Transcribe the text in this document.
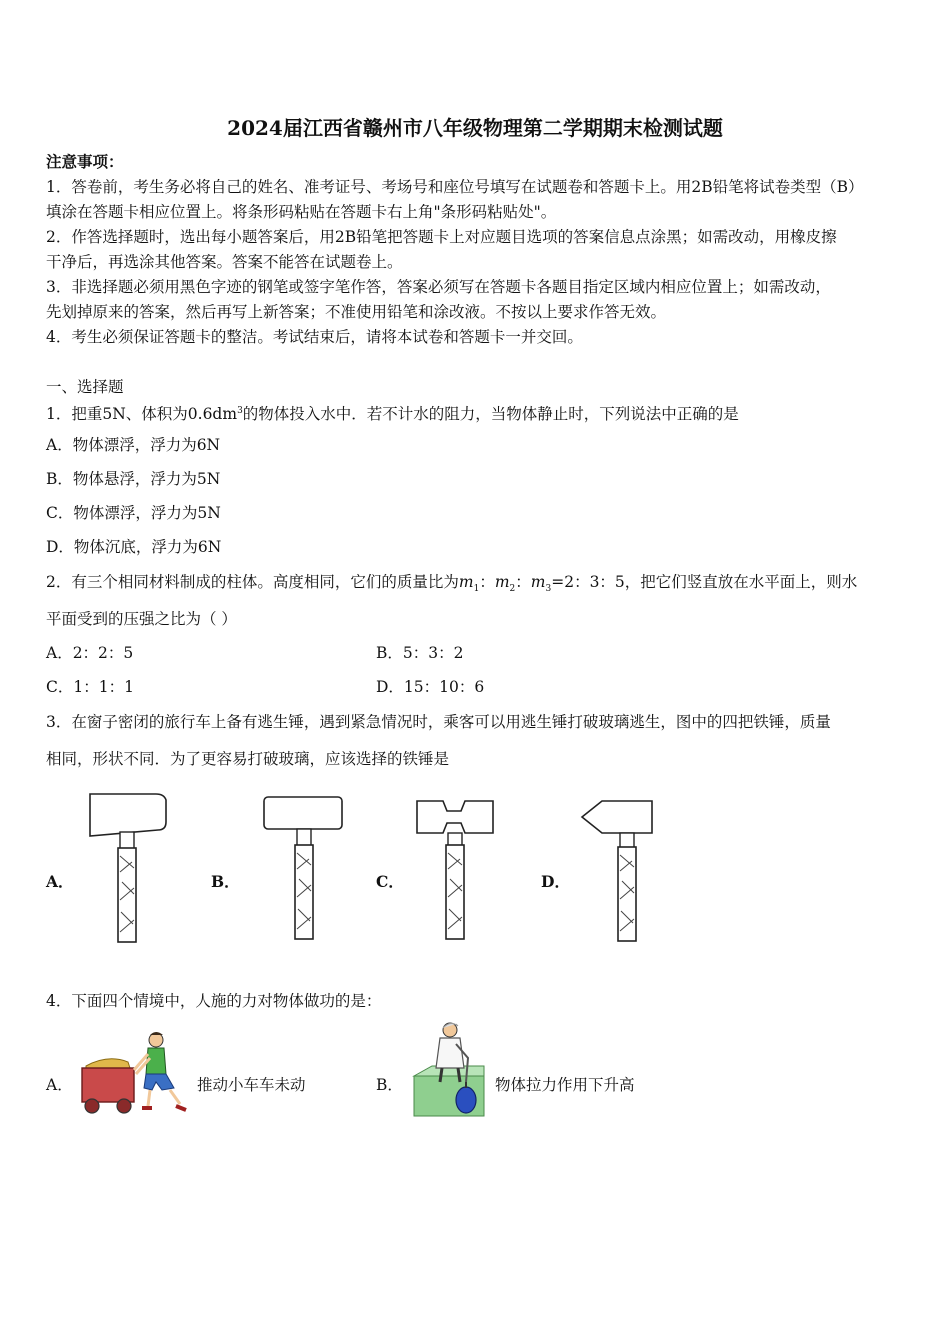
2024届江西省赣州市八年级物理第二学期期末检测试题
注意事项：
1．答卷前，考生务必将自己的姓名、准考证号、考场号和座位号填写在试题卷和答题卡上。用2B铅笔将试卷类型（B）
填涂在答题卡相应位置上。将条形码粘贴在答题卡右上角"条形码粘贴处"。
2．作答选择题时，选出每小题答案后，用2B铅笔把答题卡上对应题目选项的答案信息点涂黑；如需改动，用橡皮擦
干净后，再选涂其他答案。答案不能答在试题卷上。
3．非选择题必须用黑色字迹的钢笔或签字笔作答，答案必须写在答题卡各题目指定区域内相应位置上；如需改动，
先划掉原来的答案，然后再写上新答案；不准使用铅笔和涂改液。不按以上要求作答无效。
4．考生必须保证答题卡的整洁。考试结束后，请将本试卷和答题卡一并交回。
一、选择题
1．把重5N、体积为$0.6dm^3$的物体投入水中．若不计水的阻力，当物体静止时，下列说法中正确的是
A．物体漂浮，浮力为6N
B．物体悬浮，浮力为5N
C．物体漂浮，浮力为5N
D．物体沉底，浮力为6N
2．有三个相同材料制成的柱体。高度相同，它们的质量比为$m_1$：$m_2$：$m_3=2$：3：5，把它们竖直放在水平面上，则水
平面受到的压强之比为（ ）
A．2：2：5	B．5：3：2
C．1：1：1	D．15：10：6
3．在窗子密闭的旅行车上备有逃生锤，遇到紧急情况时，乘客可以用逃生锤打破玻璃逃生，图中的四把铁锤，质量
相同，形状不同．为了更容易打破玻璃，应该选择的铁锤是
A．	B．	C．	D．
4．下面四个情境中，人施的力对物体做功的是：
A．	推动小车车未动	B．	物体拉力作用下升高
